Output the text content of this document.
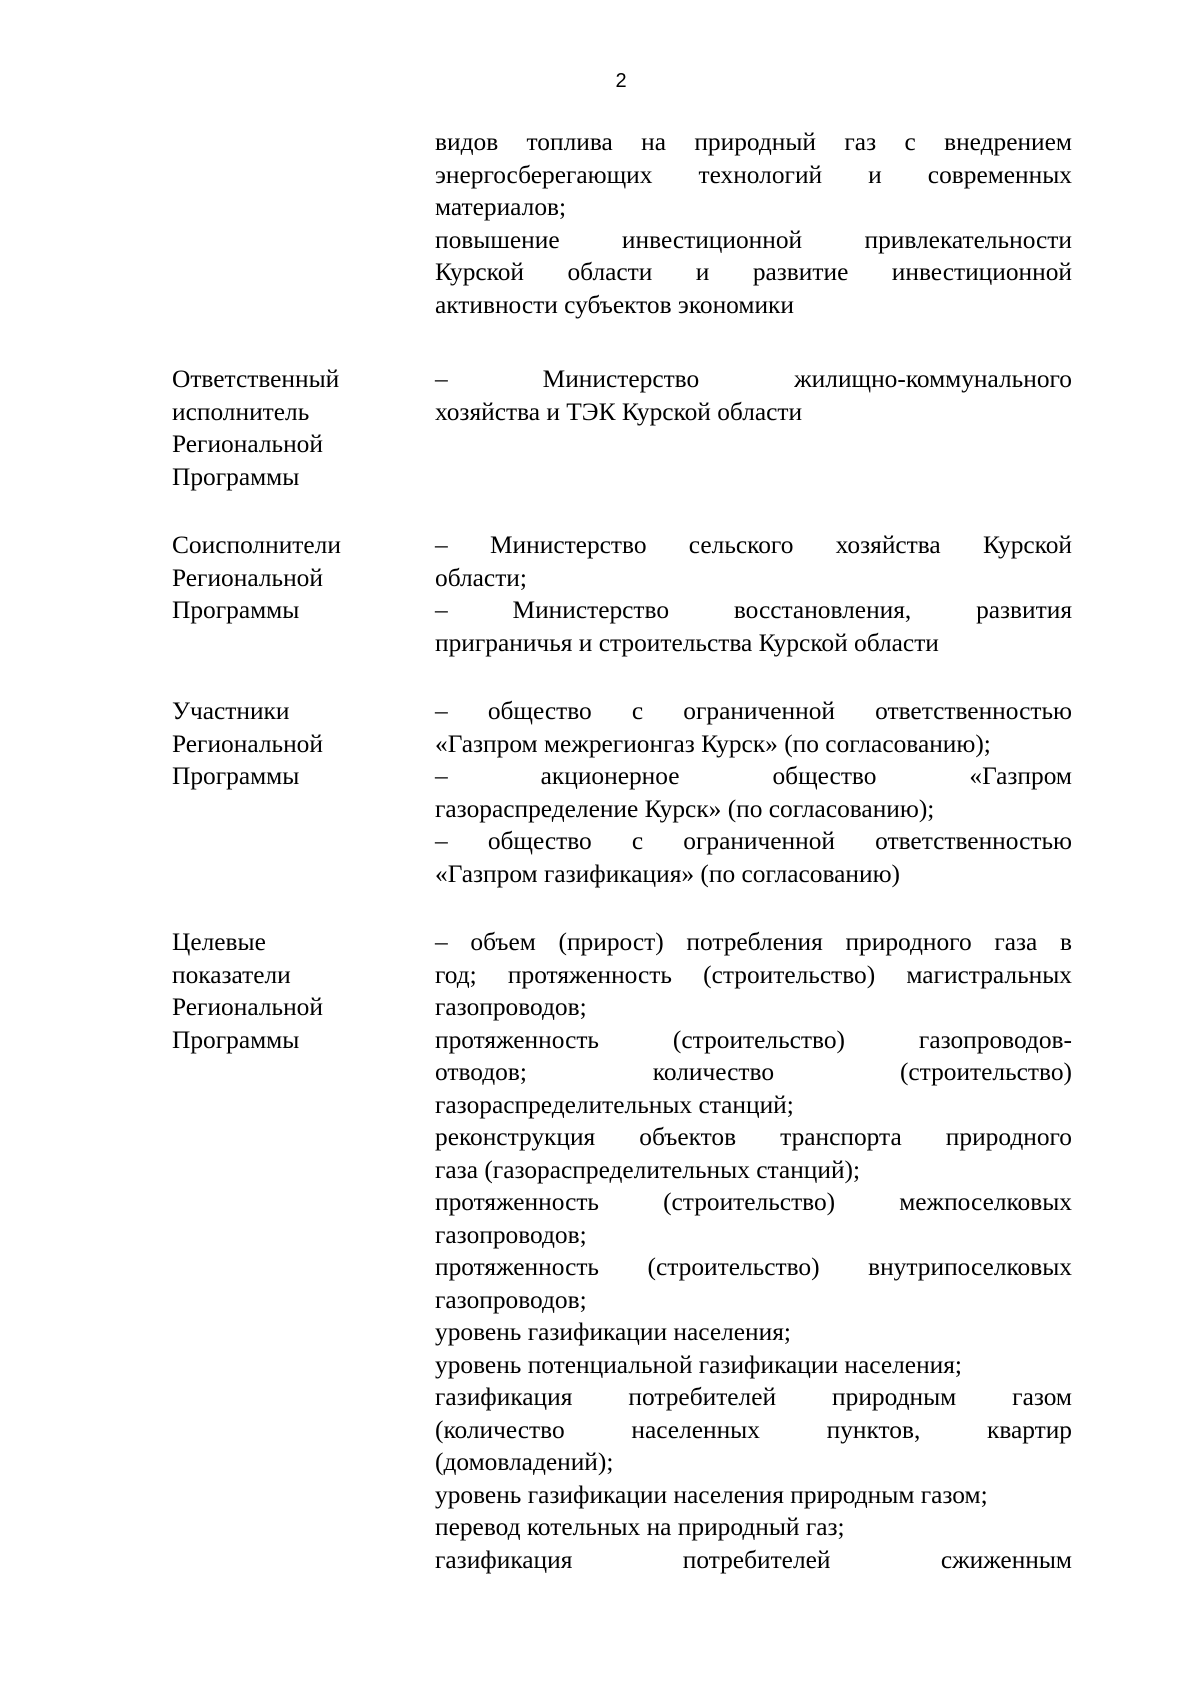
2
видов топлива на природный газ с внедрением
энергосберегающих технологий и современных
материалов;
повышение инвестиционной привлекательности
Курской области и развитие инвестиционной
активности субъектов экономики
Ответственный
исполнитель
Региональной
Программы
– Министерство жилищно-коммунального
хозяйства и ТЭК Курской области
Соисполнители
Региональной
Программы
– Министерство сельского хозяйства Курской
области;
– Министерство восстановления, развития
приграничья и строительства Курской области
Участники
Региональной
Программы
– общество с ограниченной ответственностью
«Газпром межрегионгаз Курск» (по согласованию);
– акционерное общество «Газпром
газораспределение Курск» (по согласованию);
– общество с ограниченной ответственностью
«Газпром газификация» (по согласованию)
Целевые
показатели
Региональной
Программы
– объем (прирост) потребления природного газа в
год; протяженность (строительство) магистральных
газопроводов;
протяженность (строительство) газопроводов-
отводов; количество (строительство)
газораспределительных станций;
реконструкция объектов транспорта природного
газа (газораспределительных станций);
протяженность (строительство) межпоселковых
газопроводов;
протяженность (строительство) внутрипоселковых
газопроводов;
уровень газификации населения;
уровень потенциальной газификации населения;
газификация потребителей природным газом
(количество населенных пунктов, квартир
(домовладений);
уровень газификации населения природным газом;
перевод котельных на природный газ;
газификация потребителей сжиженным
